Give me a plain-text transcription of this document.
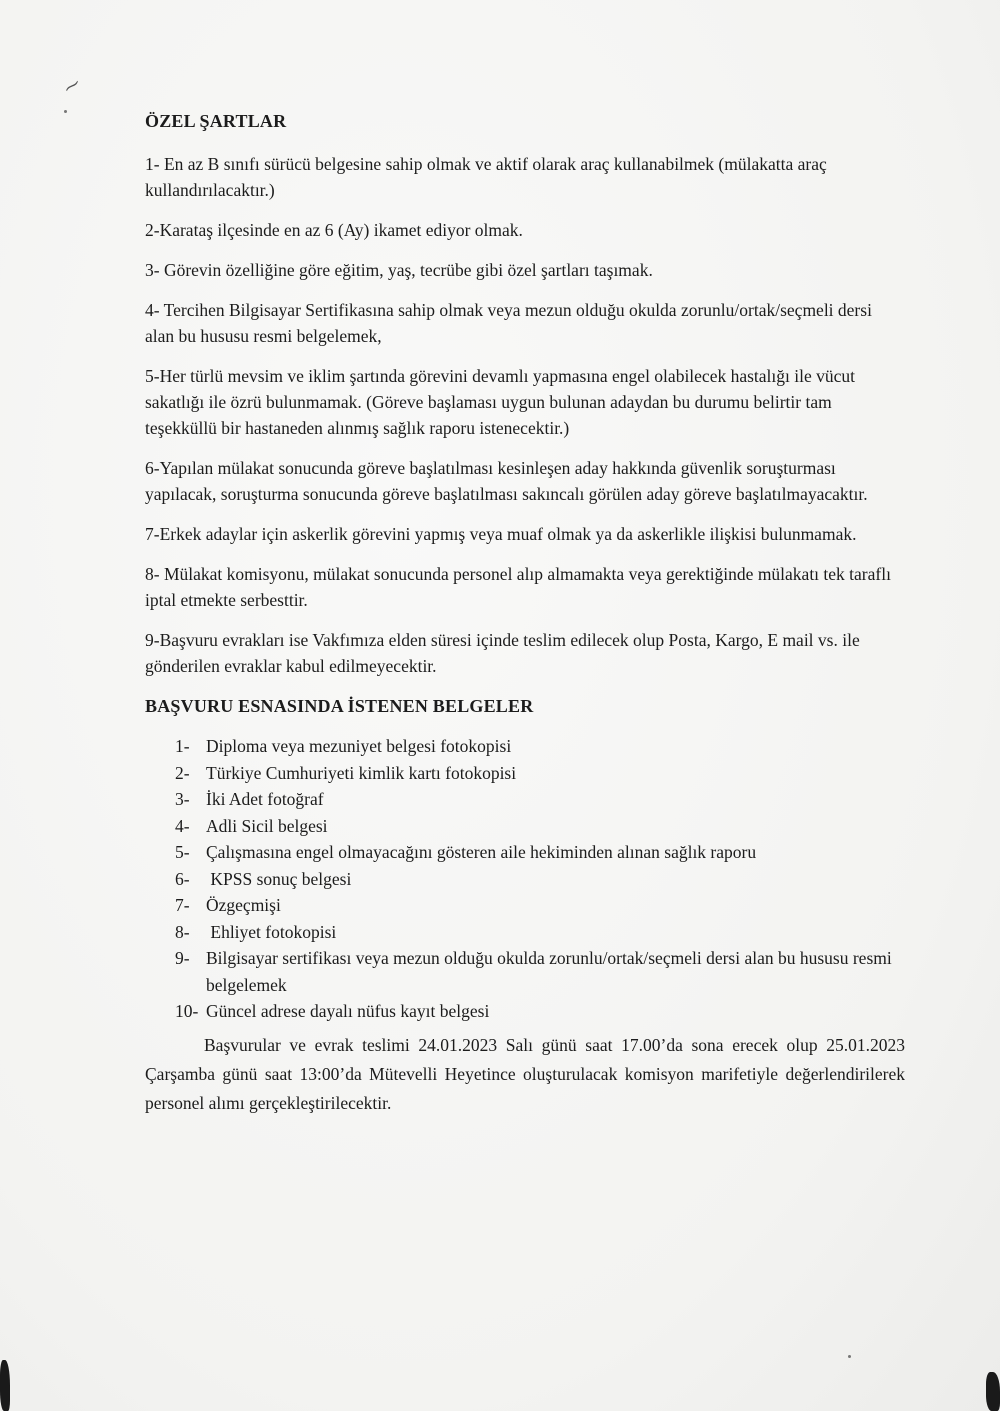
⁓
ÖZEL ŞARTLAR

1- En az B sınıfı sürücü belgesine sahip olmak ve aktif olarak araç kullanabilmek (mülakatta araç kullandırılacaktır.)

2-Karataş ilçesinde en az 6 (Ay) ikamet ediyor olmak.

3- Görevin özelliğine göre eğitim, yaş, tecrübe gibi özel şartları taşımak.

4- Tercihen Bilgisayar Sertifikasına sahip olmak veya mezun olduğu okulda zorunlu/ortak/seçmeli dersi alan bu hususu resmi belgelemek,

5-Her türlü mevsim ve iklim şartında görevini devamlı yapmasına engel olabilecek hastalığı ile vücut sakatlığı ile özrü bulunmamak. (Göreve başlaması uygun bulunan adaydan bu durumu belirtir tam teşekküllü bir hastaneden alınmış sağlık raporu istenecektir.)

6-Yapılan mülakat sonucunda göreve başlatılması kesinleşen aday hakkında güvenlik soruşturması yapılacak, soruşturma sonucunda göreve başlatılması sakıncalı görülen aday göreve başlatılmayacaktır.

7-Erkek adaylar için askerlik görevini yapmış veya muaf olmak ya da askerlikle ilişkisi bulunmamak.

8- Mülakat komisyonu, mülakat sonucunda personel alıp almamakta veya gerektiğinde mülakatı tek taraflı iptal etmekte serbesttir.

9-Başvuru evrakları ise Vakfımıza elden süresi içinde teslim edilecek olup Posta, Kargo, E mail vs. ile gönderilen evraklar kabul edilmeyecektir.

BAŞVURU ESNASINDA İSTENEN BELGELER
1- Diploma veya mezuniyet belgesi fotokopisi
2- Türkiye Cumhuriyeti kimlik kartı fotokopisi
3- İki Adet fotoğraf
4- Adli Sicil belgesi
5- Çalışmasına engel olmayacağını gösteren aile hekiminden alınan sağlık raporu
6- KPSS sonuç belgesi
7- Özgeçmişi
8- Ehliyet fotokopisi
9- Bilgisayar sertifikası veya mezun olduğu okulda zorunlu/ortak/seçmeli dersi alan bu hususu resmi belgelemek
10- Güncel adrese dayalı nüfus kayıt belgesi

Başvurular ve evrak teslimi 24.01.2023 Salı günü saat 17.00’da sona erecek olup 25.01.2023 Çarşamba günü saat 13:00’da Mütevelli Heyetince oluşturulacak komisyon marifetiyle değerlendirilerek personel alımı gerçekleştirilecektir.
